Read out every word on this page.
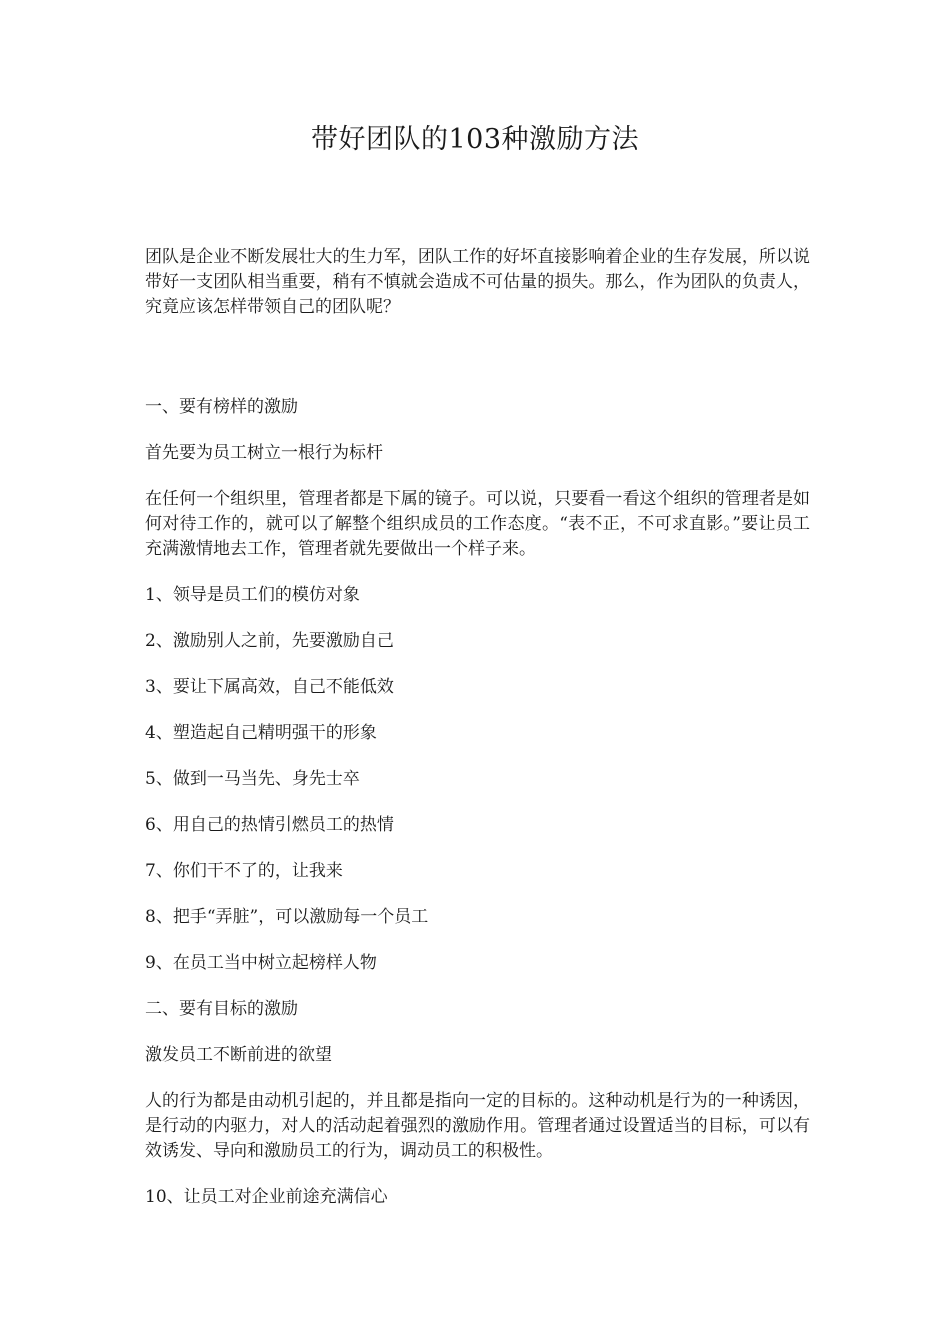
带好团队的103种激励方法

团队是企业不断发展壮大的生力军，团队工作的好坏直接影响着企业的生存发展，所以说带好一支团队相当重要，稍有不慎就会造成不可估量的损失。那么，作为团队的负责人，究竟应该怎样带领自己的团队呢？

一、要有榜样的激励

首先要为员工树立一根行为标杆

在任何一个组织里，管理者都是下属的镜子。可以说，只要看一看这个组织的管理者是如何对待工作的，就可以了解整个组织成员的工作态度。“表不正，不可求直影。”要让员工充满激情地去工作，管理者就先要做出一个样子来。

1、领导是员工们的模仿对象

2、激励别人之前，先要激励自己

3、要让下属高效，自己不能低效

4、塑造起自己精明强干的形象

5、做到一马当先、身先士卒

6、用自己的热情引燃员工的热情

7、你们干不了的，让我来

8、把手“弄脏”，可以激励每一个员工

9、在员工当中树立起榜样人物

二、要有目标的激励

激发员工不断前进的欲望

人的行为都是由动机引起的，并且都是指向一定的目标的。这种动机是行为的一种诱因，是行动的内驱力，对人的活动起着强烈的激励作用。管理者通过设置适当的目标，可以有效诱发、导向和激励员工的行为，调动员工的积极性。

10、让员工对企业前途充满信心
